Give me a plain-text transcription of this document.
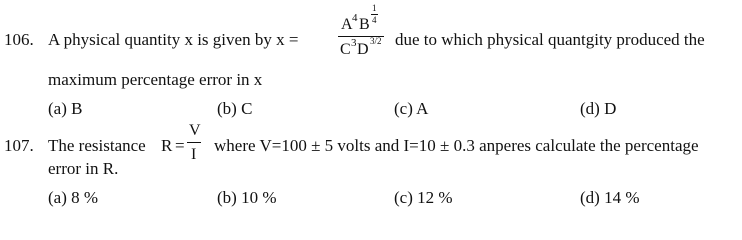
106. A physical quantity x is given by x =
A 4 B
1
4
C 3 D 3/2 due to which physical quantgity produced the
maximum percentage error in x
(a) B	(b) C	(c) A	(d) D
107. The resistance R =
V
I where V=100 ± 5 volts and I=10 ± 0.3 anperes calculate the percentage
error in R.
(a) 8 %	(b) 10 %	(c) 12 %	(d) 14 %
